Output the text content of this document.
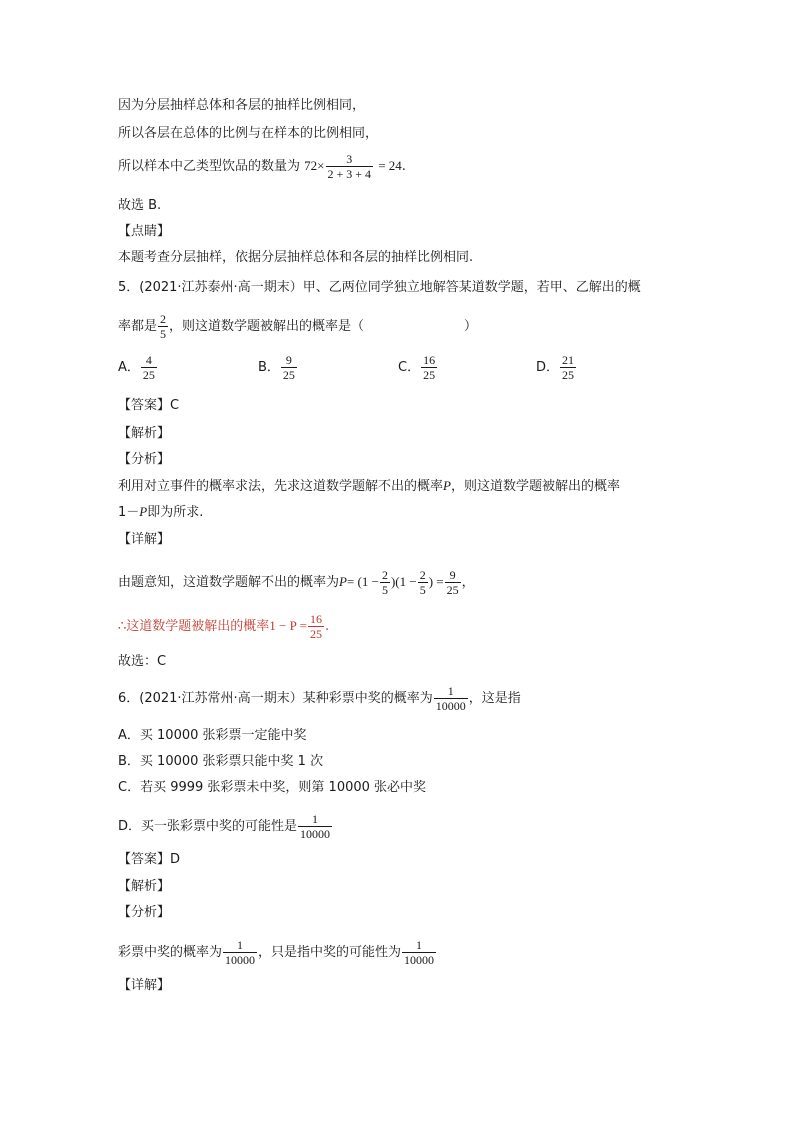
因为分层抽样总体和各层的抽样比例相同，
所以各层在总体的比例与在样本的比例相同，
所以样本中乙类型饮品的数量为 $72\times \frac{3}{2 + 3 + 4} = 24$.
故选 B.
【点睛】
本题考查分层抽样，依据分层抽样总体和各层的抽样比例相同.
5．(2021·江苏泰州·高一期末）甲、乙两位同学独立地解答某道数学题，若甲、乙解出的概
率都是 $\frac{2}{5}$ ，则这道数学题被解出的概率是（	）
A． $\frac{4}{25}$	B． $\frac{9}{25}$	C． $\frac{16}{25}$	D． $\frac{21}{25}$
【答案】C
【解析】
【分析】
利用对立事件的概率求法，先求这道数学题解不出的概率P，则这道数学题被解出的概率
1－P即为所求.
【详解】
由题意知，这道数学题解不出的概率为$P= (1 - \frac{2}{5} )(1 - \frac{2}{5}$ ) = $\frac{9}{25}$ ，
∴这道数学题被解出的概率$1 - P = \frac{16}{25}$ .
故选：C
6．(2021·江苏常州·高一期末）某种彩票中奖的概率为 $\frac{1}{10000}$ ，这是指
A．买 10000 张彩票一定能中奖
B．买 10000 张彩票只能中奖 1 次
C．若买 9999 张彩票未中奖，则第 10000 张必中奖
D．买一张彩票中奖的可能性是 $\frac{1}{10000}$
【答案】D
【解析】
【分析】
彩票中奖的概率为 $\frac{1}{10000}$ ，只是指中奖的可能性为 $\frac{1}{10000}$
【详解】
